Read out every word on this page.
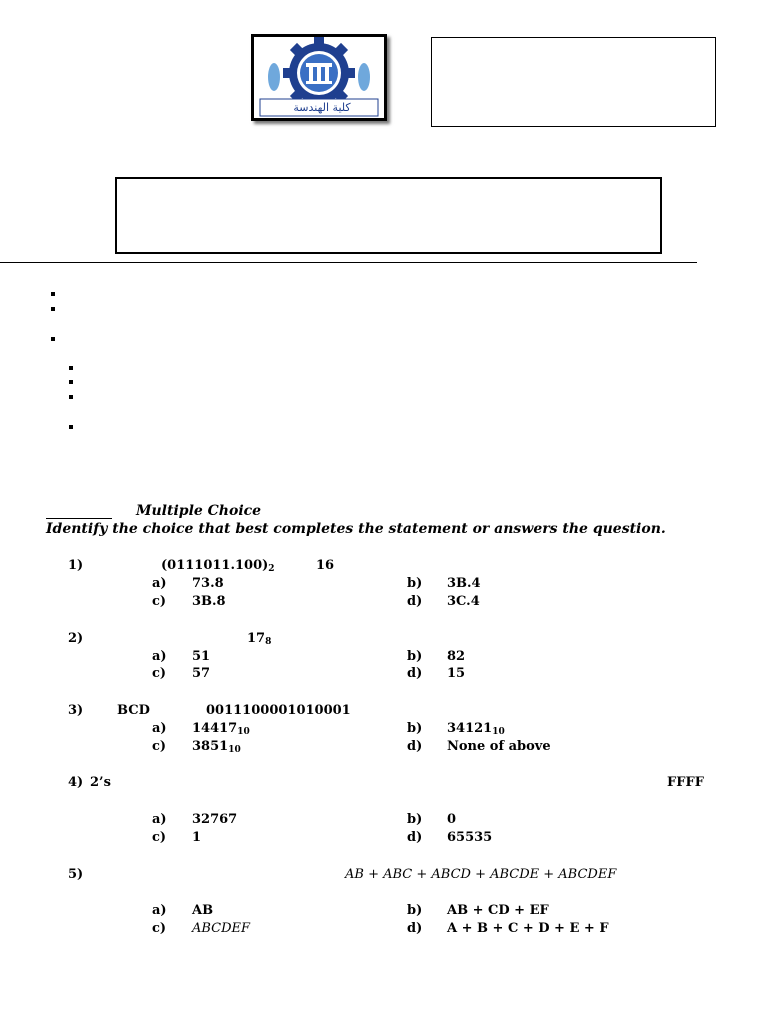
كلية الهندسة
Multiple Choice
Identify the choice that best completes the statement or answers the question.
1)	$(0111011.100)_2$	16
a) 73.8	b) 3B.4
c) 3B.8	d) 3C.4
2)	$17_8$
a) 51	b) 82
c) 57	d) 15
3)	BCD	0011100001010001
a) $14417_{10}$	b) $34121_{10}$
c) $3851_{10}$	d) None of above
4) 2’s	FFFF
a) 32767	b) 0
c) 1	d) 65535
5)	AB + ABC + ABCD + ABCDE + ABCDEF
a) AB	b) AB + CD + EF
c) ABCDEF	d) A + B + C + D + E + F
